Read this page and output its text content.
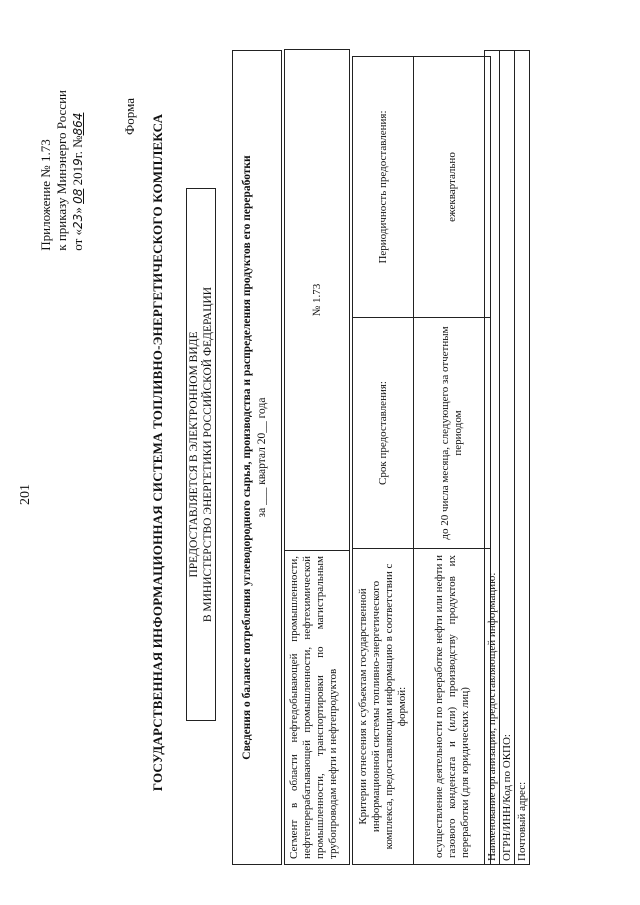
201
Приложение № 1.73 к приказу Минэнерго России от «23» 08 2019г. №864	Форма ГОСУДАРСТВЕННАЯ ИНФОРМАЦИОННАЯ СИСТЕМА ТОПЛИВНО-ЭНЕРГЕТИЧЕСКОГО КОМПЛЕКСА ПРЕДОСТАВЛЯЕТСЯ В ЭЛЕКТРОННОМ ВИДЕ В МИНИСТЕРСТВО ЭНЕРГЕТИКИ РОССИЙСКОЙ ФЕДЕРАЦИИ	Сведения о балансе потребления углеводородного сырья, производства и распределения продуктов его переработки за ___ квартал 20__ года
Сегмент в области нефтедобывающей промышленности, нефтеперерабатывающей промышленности, нефтехимической промышленности, транспортировки по магистральным трубопроводам нефти и нефтепродуктов	№ 1.73
Критерии отнесения к субъектам государственной информационной системы топливно-энергетического комплекса, предоставляющим информацию в соответствии с формой:	Срок предоставления:	Периодичность предоставления:
осуществление деятельности по переработке нефти или нефти и газового конденсата и (или) производству продуктов их переработки (для юридических лиц)	до 20 числа месяца, следующего за отчетным периодом	ежеквартально
Наименование организации, предоставляющей информацию: ОГРН/ИНН/Код по ОКПО: Почтовый адрес:
